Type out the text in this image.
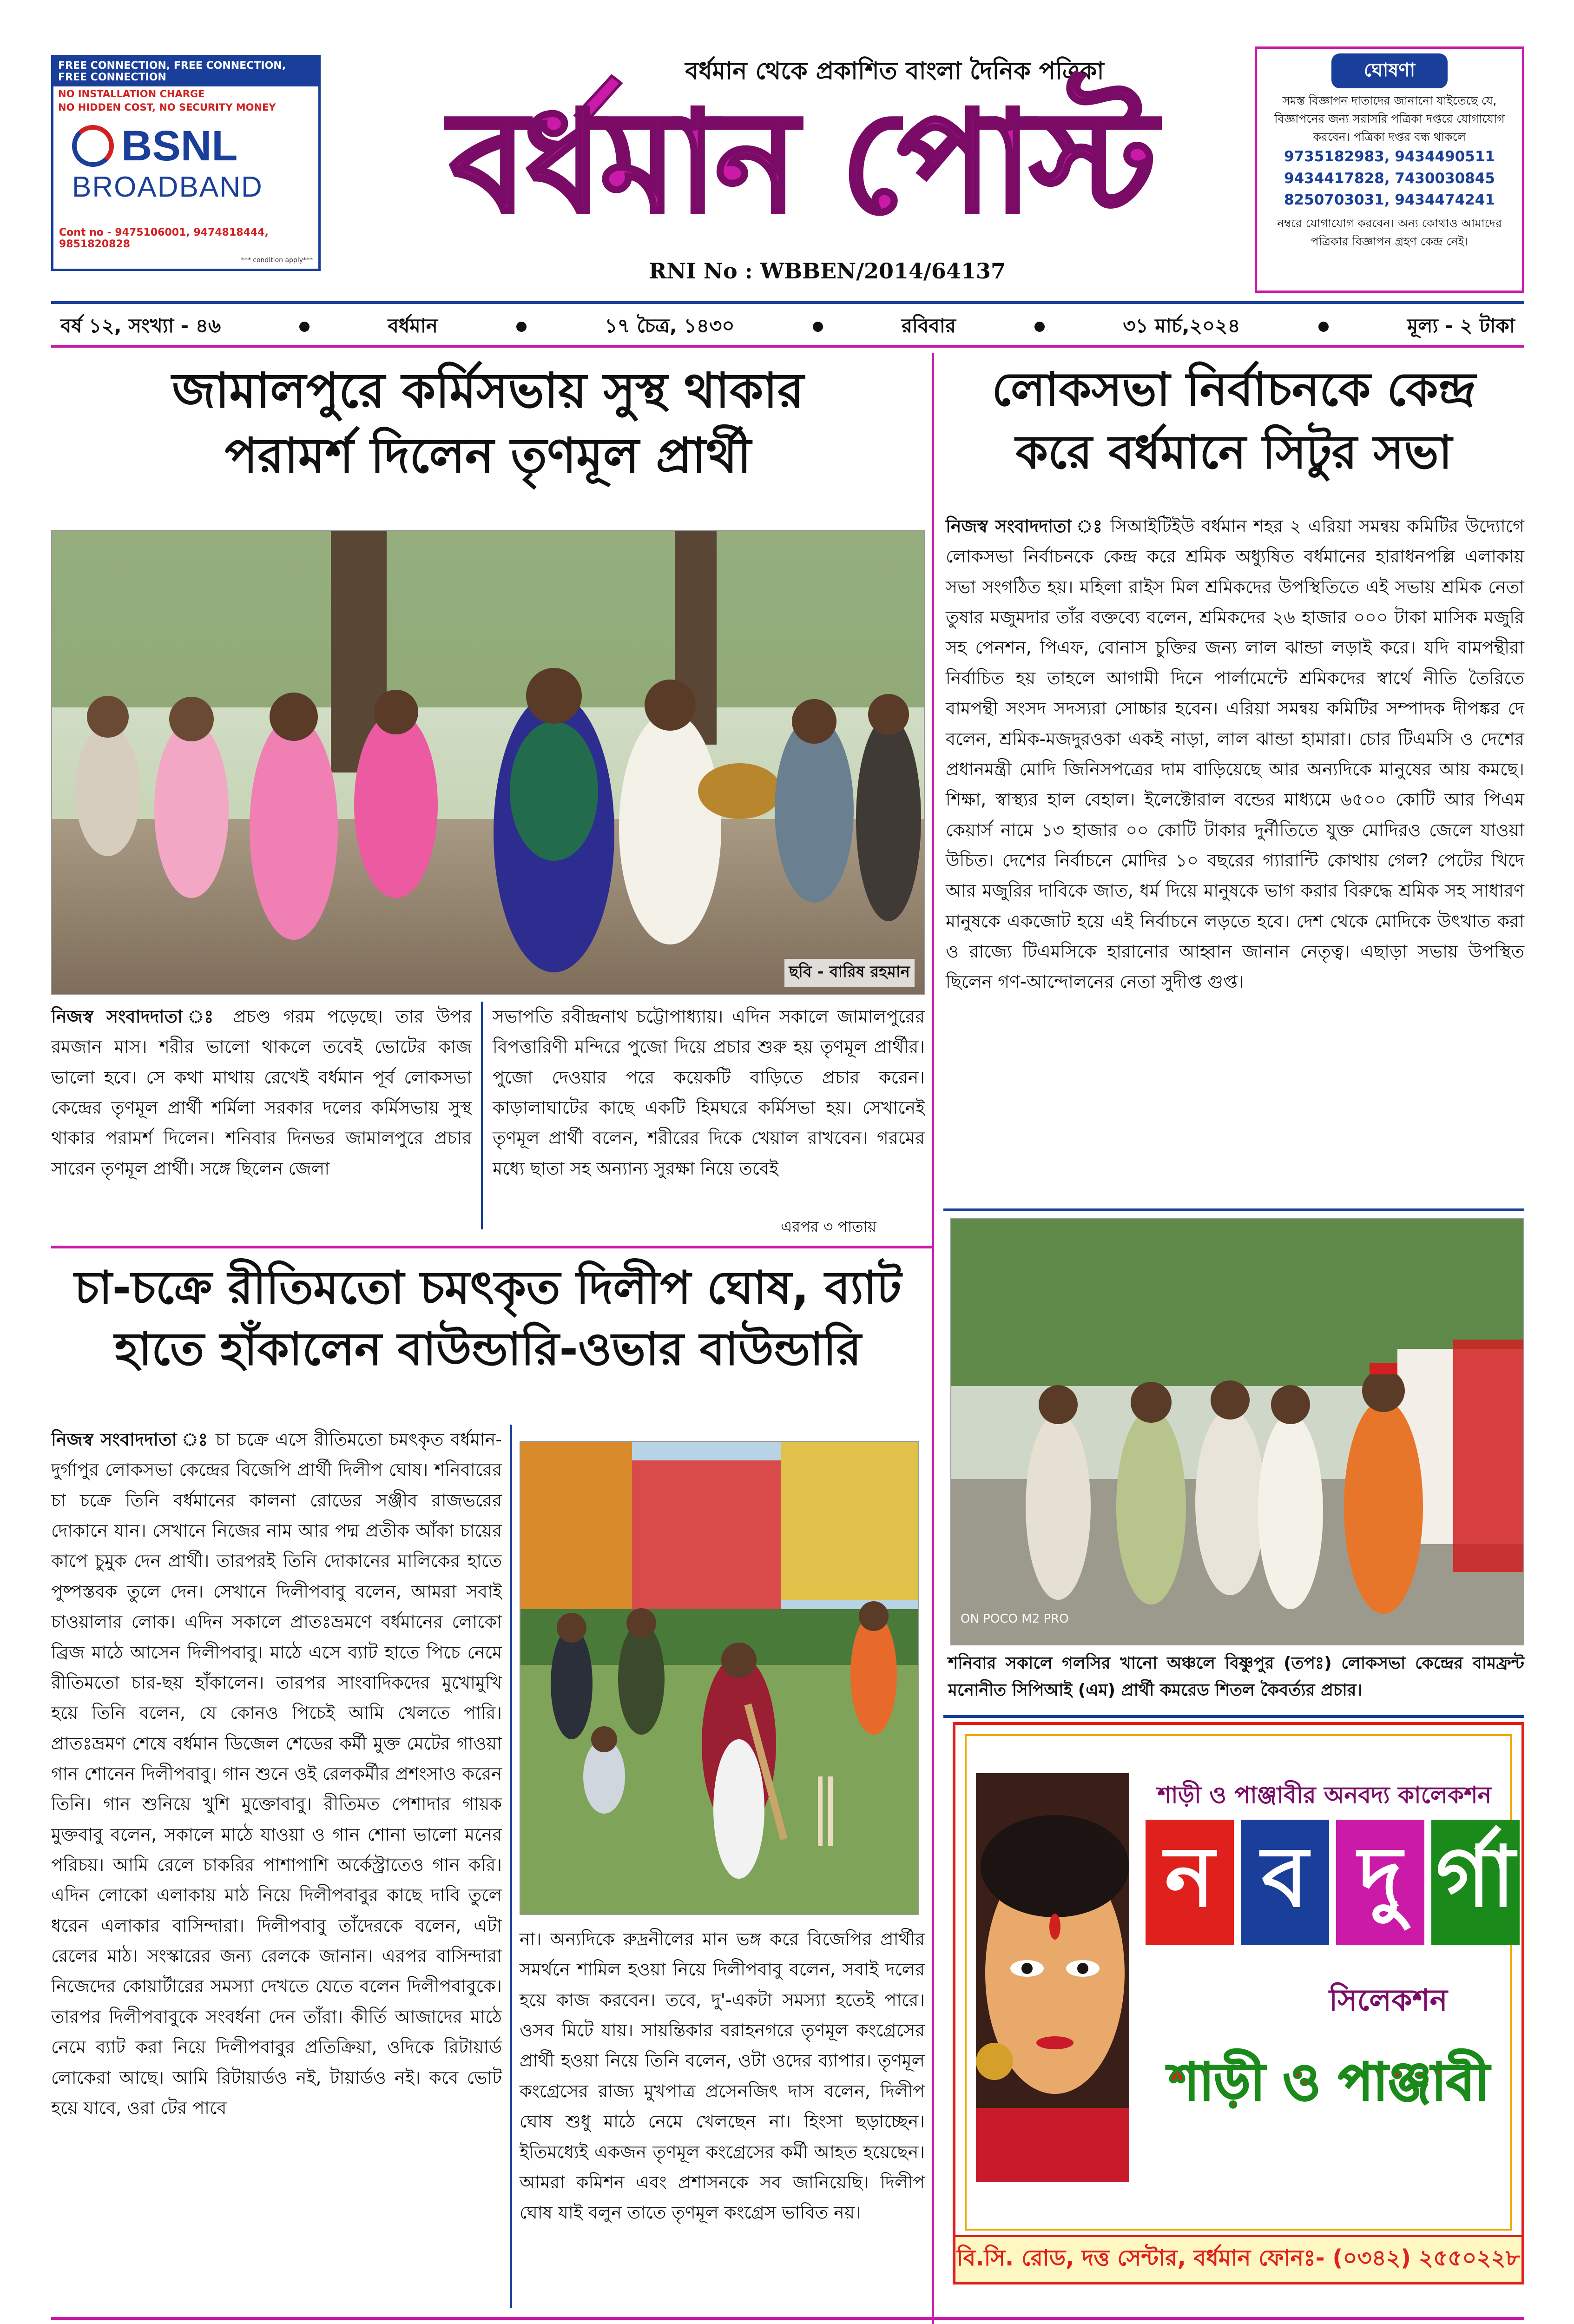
FREE CONNECTION, FREE CONNECTION, FREE CONNECTION
NO INSTALLATION CHARGE
NO HIDDEN COST, NO SECURITY MONEY
BSNL
BROADBAND
Cont no - 9475106001, 9474818444, 9851820828
*** condition apply***
বর্ধমান থেকে প্রকাশিত বাংলা দৈনিক পত্রিকা
বর্ধমান পোস্ট
RNI No : WBBEN/2014/64137
ঘোষণা
সমস্ত বিজ্ঞাপন দাতাদের জানানো যাইতেছে যে, বিজ্ঞাপনের জন্য সরাসরি পত্রিকা দপ্তরে যোগাযোগ করবেন। পত্রিকা দপ্তর বন্ধ থাকলে
9735182983, 9434490511
9434417828, 7430030845
8250703031, 9434474241
নম্বরে যোগাযোগ করবেন। অন্য কোথাও আমাদের পত্রিকার বিজ্ঞাপন গ্রহণ কেন্দ্র নেই।
বর্ষ ১২, সংখ্যা - ৪৬	বর্ধমান	১৭ চৈত্র, ১৪৩০	রবিবার	৩১ মার্চ,২০২৪	মূল্য - ২ টাকা
জামালপুরে কর্মিসভায় সুস্থ থাকার
পরামর্শ দিলেন তৃণমূল প্রার্থী
ছবি - বারিষ রহমান
নিজস্ব সংবাদদাতা ঃ প্রচণ্ড গরম পড়েছে। তার উপর রমজান মাস। শরীর ভালো থাকলে তবেই ভোটের কাজ ভালো হবে। সে কথা মাথায় রেখেই বর্ধমান পূর্ব লোকসভা কেন্দ্রের তৃণমূল প্রার্থী শর্মিলা সরকার দলের কর্মিসভায় সুস্থ থাকার পরামর্শ দিলেন। শনিবার দিনভর জামালপুরে প্রচার সারেন তৃণমূল প্রার্থী। সঙ্গে ছিলেন জেলা
সভাপতি রবীন্দ্রনাথ চট্টোপাধ্যায়। এদিন সকালে জামালপুরের বিপত্তারিণী মন্দিরে পুজো দিয়ে প্রচার শুরু হয় তৃণমূল প্রার্থীর। পুজো দেওয়ার পরে কয়েকটি বাড়িতে প্রচার করেন। কাড়ালাঘাটের কাছে একটি হিমঘরে কর্মিসভা হয়। সেখানেই তৃণমূল প্রার্থী বলেন, শরীরের দিকে খেয়াল রাখবেন। গরমের মধ্যে ছাতা সহ অন্যান্য সুরক্ষা নিয়ে তবেই
এরপর ৩ পাতায়
লোকসভা নির্বাচনকে কেন্দ্র
করে বর্ধমানে সিটুর সভা
নিজস্ব সংবাদদাতা ঃ সিআইটিইউ বর্ধমান শহর ২ এরিয়া সমন্বয় কমিটির উদ্যোগে লোকসভা নির্বাচনকে কেন্দ্র করে শ্রমিক অধ্যুষিত বর্ধমানের হারাধনপল্লি এলাকায় সভা সংগঠিত হয়। মহিলা রাইস মিল শ্রমিকদের উপস্থিতিতে এই সভায় শ্রমিক নেতা তুষার মজুমদার তাঁর বক্তব্যে বলেন, শ্রমিকদের ২৬ হাজার ০০০ টাকা মাসিক মজুরি সহ পেনশন, পিএফ, বোনাস চুক্তির জন্য লাল ঝান্ডা লড়াই করে। যদি বামপন্থীরা নির্বাচিত হয় তাহলে আগামী দিনে পার্লামেন্টে শ্রমিকদের স্বার্থে নীতি তৈরিতে বামপন্থী সংসদ সদস্যরা সোচ্চার হবেন। এরিয়া সমন্বয় কমিটির সম্পাদক দীপঙ্কর দে বলেন, শ্রমিক-মজদুরওকা একই নাড়া, লাল ঝান্ডা হামারা। চোর টিএমসি ও দেশের প্রধানমন্ত্রী মোদি জিনিসপত্রের দাম বাড়িয়েছে আর অন্যদিকে মানুষের আয় কমছে। শিক্ষা, স্বাস্থ্যর হাল বেহাল। ইলেক্টোরাল বন্ডের মাধ্যমে ৬৫০০ কোটি আর পিএম কেয়ার্স নামে ১৩ হাজার ০০ কোটি টাকার দুর্নীতিতে যুক্ত মোদিরও জেলে যাওয়া উচিত। দেশের নির্বাচনে মোদির ১০ বছরের গ্যারান্টি কোথায় গেল? পেটের খিদে আর মজুরির দাবিকে জাত, ধর্ম দিয়ে মানুষকে ভাগ করার বিরুদ্ধে শ্রমিক সহ সাধারণ মানুষকে একজোট হয়ে এই নির্বাচনে লড়তে হবে। দেশ থেকে মোদিকে উৎখাত করা ও রাজ্যে টিএমসিকে হারানোর আহ্বান জানান নেতৃত্ব। এছাড়া সভায় উপস্থিত ছিলেন গণ-আন্দোলনের নেতা সুদীপ্ত গুপ্ত।
ON POCO M2 PRO
শনিবার সকালে গলসির খানো অঞ্চলে বিষ্ণুপুর (তপঃ) লোকসভা কেন্দ্রের বামফ্রন্ট মনোনীত সিপিআই (এম) প্রার্থী কমরেড শিতল কৈবর্ত্যর প্রচার।
চা-চক্রে রীতিমতো চমৎকৃত দিলীপ ঘোষ, ব্যাট
হাতে হাঁকালেন বাউন্ডারি-ওভার বাউন্ডারি
নিজস্ব সংবাদদাতা ঃ চা চক্রে এসে রীতিমতো চমৎকৃত বর্ধমান-দুর্গাপুর লোকসভা কেন্দ্রের বিজেপি প্রার্থী দিলীপ ঘোষ। শনিবারের চা চক্রে তিনি বর্ধমানের কালনা রোডের সঞ্জীব রাজভরের দোকানে যান। সেখানে নিজের নাম আর পদ্ম প্রতীক আঁকা চায়ের কাপে চুমুক দেন প্রার্থী। তারপরই তিনি দোকানের মালিকের হাতে পুষ্পস্তবক তুলে দেন। সেখানে দিলীপবাবু বলেন, আমরা সবাই চাওয়ালার লোক। এদিন সকালে প্রাতঃভ্রমণে বর্ধমানের লোকো ব্রিজ মাঠে আসেন দিলীপবাবু। মাঠে এসে ব্যাট হাতে পিচে নেমে রীতিমতো চার-ছয় হাঁকালেন। তারপর সাংবাদিকদের মুখোমুখি হয়ে তিনি বলেন, যে কোনও পিচেই আমি খেলতে পারি। প্রাতঃভ্রমণ শেষে বর্ধমান ডিজেল শেডের কর্মী মুক্ত মেটের গাওয়া গান শোনেন দিলীপবাবু। গান শুনে ওই রেলকর্মীর প্রশংসাও করেন তিনি। গান শুনিয়ে খুশি মুক্তোবাবু। রীতিমত পেশাদার গায়ক মুক্তবাবু বলেন, সকালে মাঠে যাওয়া ও গান শোনা ভালো মনের পরিচয়। আমি রেলে চাকরির পাশাপাশি অর্কেস্ট্রাতেও গান করি। এদিন লোকো এলাকায় মাঠ নিয়ে দিলীপবাবুর কাছে দাবি তুলে ধরেন এলাকার বাসিন্দারা। দিলীপবাবু তাঁদেরকে বলেন, এটা রেলের মাঠ। সংস্কারের জন্য রেলকে জানান। এরপর বাসিন্দারা নিজেদের কোয়ার্টারের সমস্যা দেখতে যেতে বলেন দিলীপবাবুকে। তারপর দিলীপবাবুকে সংবর্ধনা দেন তাঁরা। কীর্তি আজাদের মাঠে নেমে ব্যাট করা নিয়ে দিলীপবাবুর প্রতিক্রিয়া, ওদিকে রিটায়ার্ড লোকেরা আছে। আমি রিটায়ার্ডও নই, টায়ার্ডও নই। কবে ভোট হয়ে যাবে, ওরা টের পাবে
না। অন্যদিকে রুদ্রনীলের মান ভঙ্গ করে বিজেপির প্রার্থীর সমর্থনে শামিল হওয়া নিয়ে দিলীপবাবু বলেন, সবাই দলের হয়ে কাজ করবেন। তবে, দু'-একটা সমস্যা হতেই পারে। ওসব মিটে যায়। সায়ন্তিকার বরাহনগরে তৃণমূল কংগ্রেসের প্রার্থী হওয়া নিয়ে তিনি বলেন, ওটা ওদের ব্যাপার। তৃণমূল কংগ্রেসের রাজ্য মুখপাত্র প্রসেনজিৎ দাস বলেন, দিলীপ ঘোষ শুধু মাঠে নেমে খেলছেন না। হিংসা ছড়াচ্ছেন। ইতিমধ্যেই একজন তৃণমূল কংগ্রেসের কর্মী আহত হয়েছেন। আমরা কমিশন এবং প্রশাসনকে সব জানিয়েছি। দিলীপ ঘোষ যাই বলুন তাতে তৃণমূল কংগ্রেস ভাবিত নয়।
শাড়ী ও পাঞ্জাবীর অনবদ্য কালেকশন
ন ব দু র্গা
সিলেকশন
শাড়ী ও পাঞ্জাবী
বি.সি. রোড, দত্ত সেন্টার, বর্ধমান ফোনঃ- (০৩৪২) ২৫৫০২২৮
